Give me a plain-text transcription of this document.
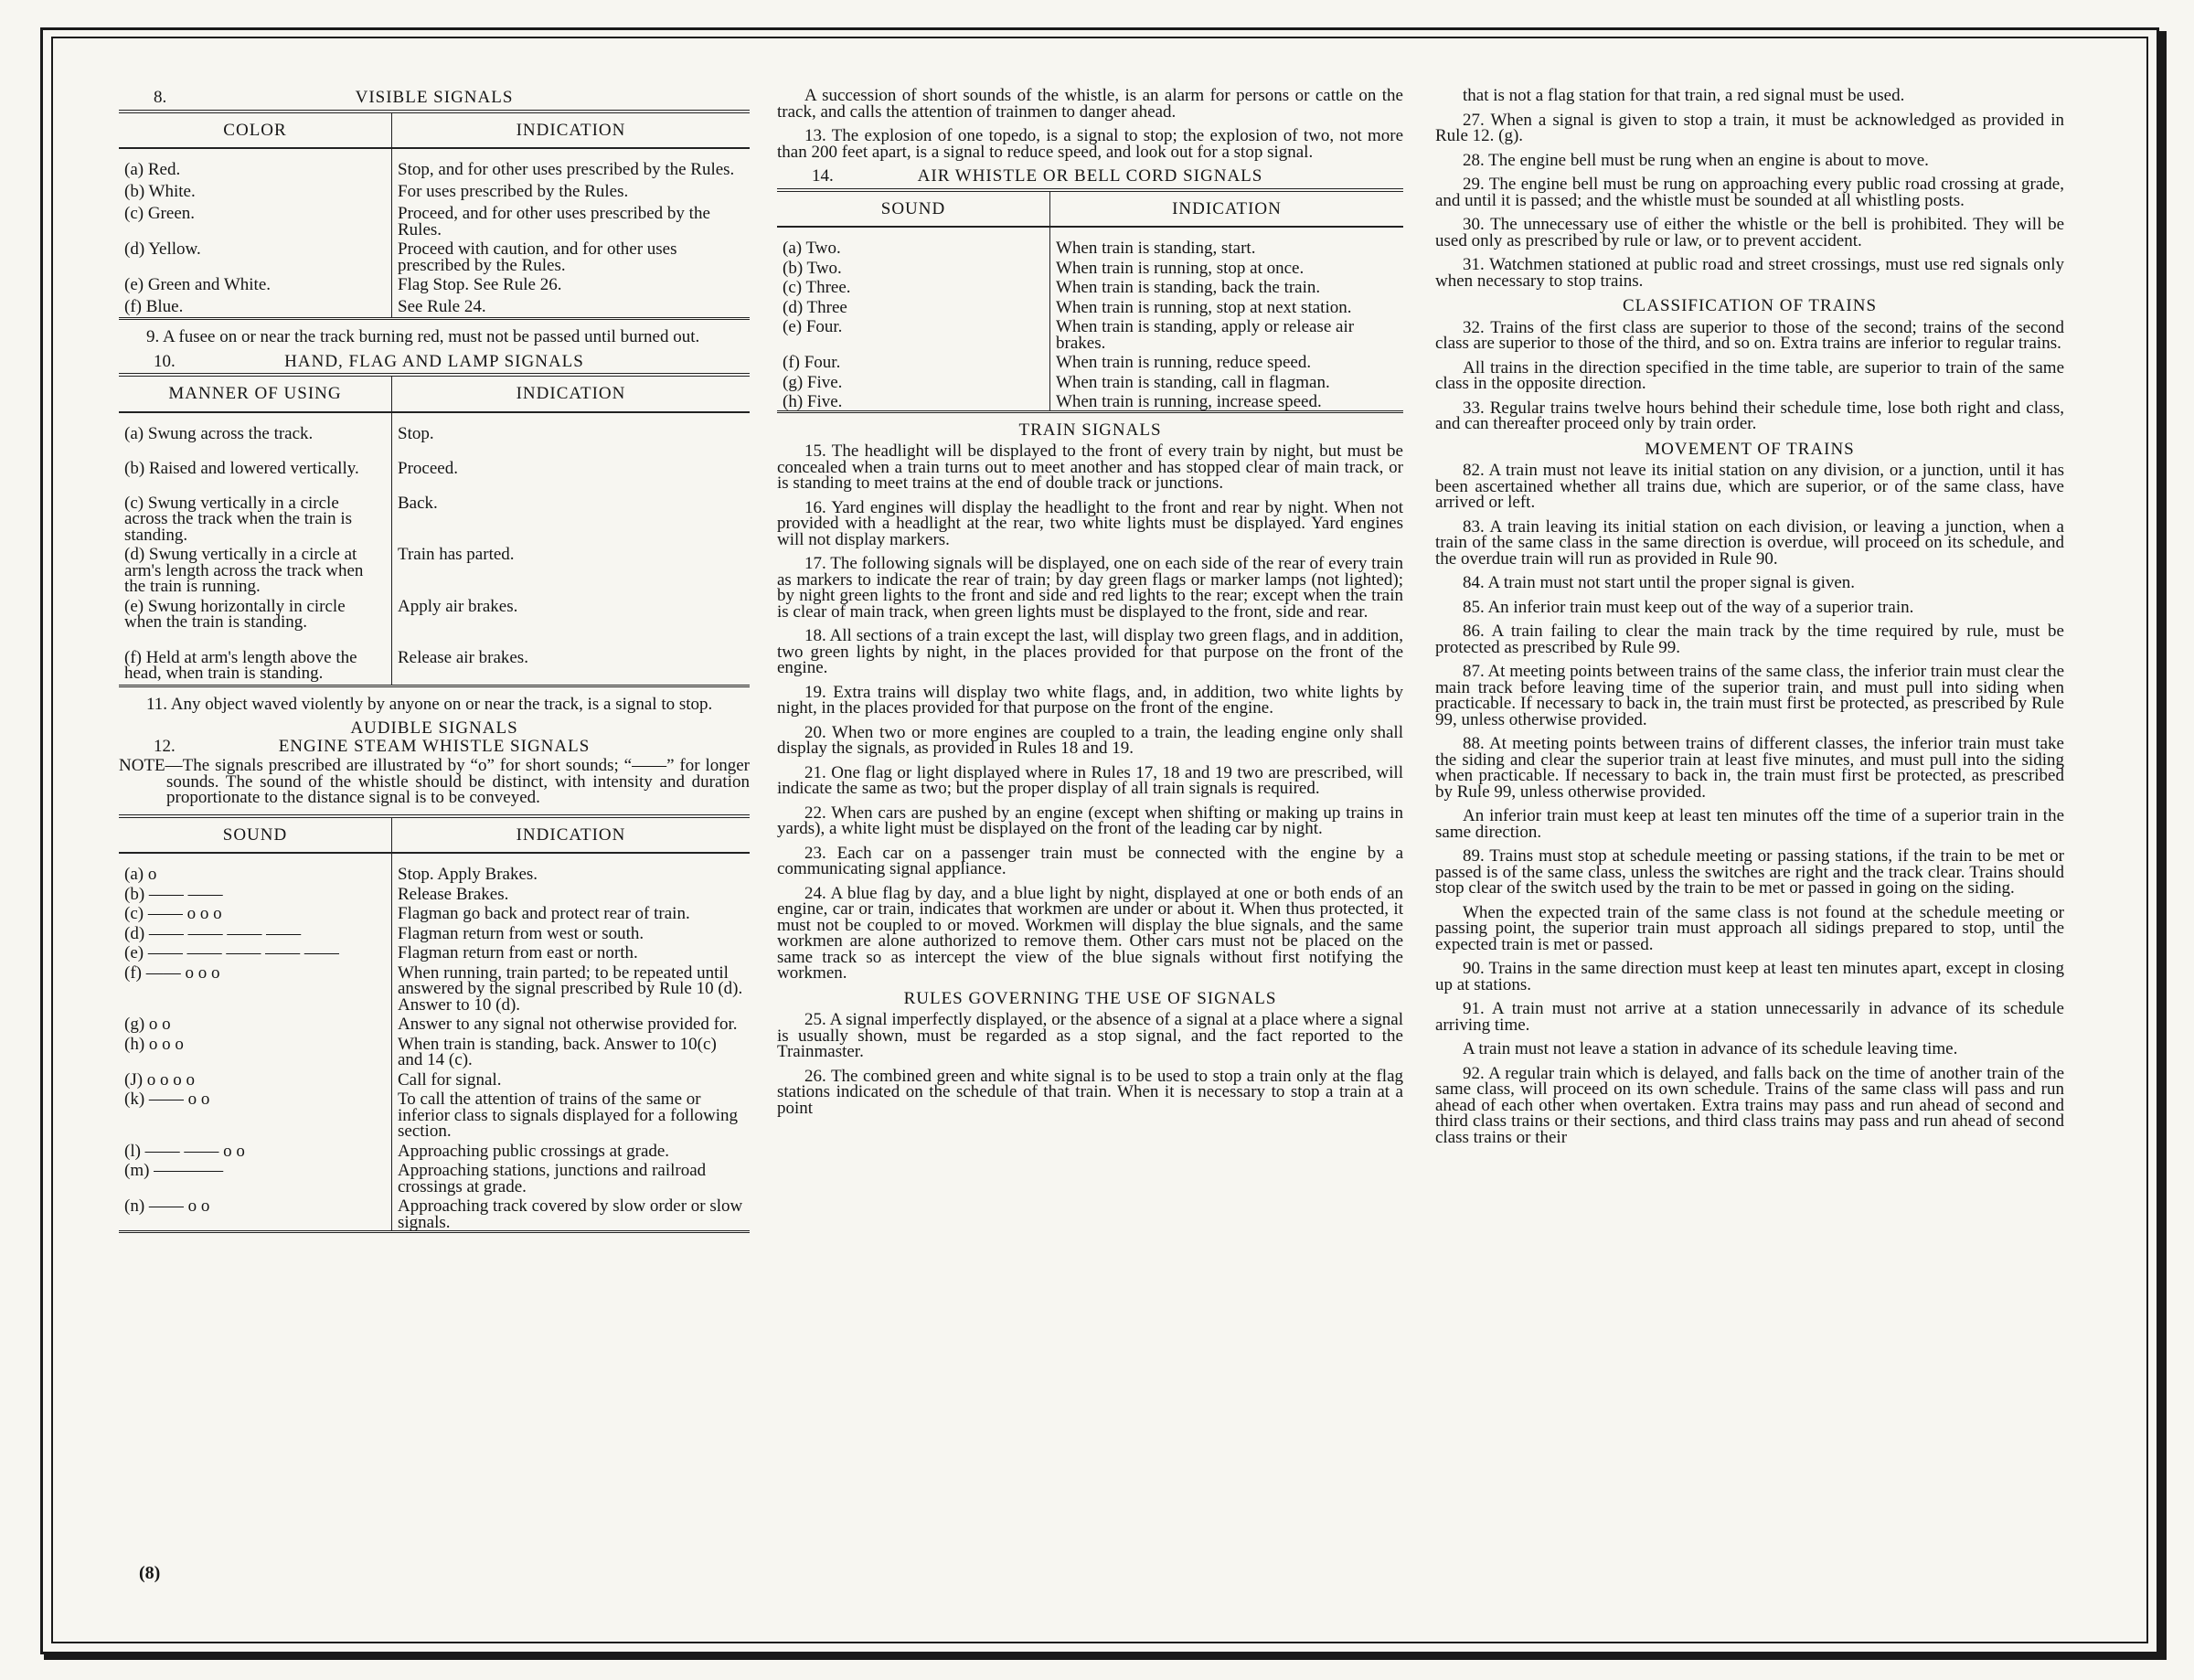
8.	VISIBLE SIGNALS
COLOR	INDICATION
(a) Red.	Stop, and for other uses prescribed by the Rules.
(b) White.	For uses prescribed by the Rules.
(c) Green.	Proceed, and for other uses prescribed by the Rules.
(d) Yellow.	Proceed with caution, and for other uses prescribed by the Rules.
(e) Green and White.	Flag Stop. See Rule 26.
(f) Blue.	See Rule 24.

9. A fusee on or near the track burning red, must not be passed until burned out.

10.	HAND, FLAG AND LAMP SIGNALS
MANNER OF USING	INDICATION
(a) Swung across the track.	Stop.
(b) Raised and lowered vertically.	Proceed.
(c) Swung vertically in a circle across the track when the train is standing.	Back.
(d) Swung vertically in a circle at arm's length across the track when the train is running.	Train has parted.
(e) Swung horizontally in circle when the train is standing.	Apply air brakes.
(f) Held at arm's length above the head, when train is standing.	Release air brakes.

11. Any object waved violently by anyone on or near the track, is a signal to stop.

AUDIBLE SIGNALS
12.	ENGINE STEAM WHISTLE SIGNALS

NOTE—The signals prescribed are illustrated by “o” for short sounds; “——” for longer sounds. The sound of the whistle should be distinct, with intensity and duration proportionate to the distance signal is to be conveyed.

SOUND	INDICATION
(a) o	Stop. Apply Brakes.
(b) —— ——	Release Brakes.
(c) —— o o o	Flagman go back and protect rear of train.
(d) —— —— —— ——	Flagman return from west or south.
(e) —— —— —— —— ——	Flagman return from east or north.
(f) —— o o o	When running, train parted; to be repeated until answered by the signal prescribed by Rule 10 (d). Answer to 10 (d).
(g) o o	Answer to any signal not otherwise provided for.
(h) o o o	When train is standing, back. Answer to 10(c) and 14 (c).
(J) o o o o	Call for signal.
(k) —— o o	To call the attention of trains of the same or inferior class to signals displayed for a following section.
(l) —— —— o o	Approaching public crossings at grade.
(m) ————	Approaching stations, junctions and railroad crossings at grade.
(n) —— o o	Approaching track covered by slow order or slow signals.

A succession of short sounds of the whistle, is an alarm for persons or cattle on the track, and calls the attention of trainmen to danger ahead.

13. The explosion of one topedo, is a signal to stop; the explosion of two, not more than 200 feet apart, is a signal to reduce speed, and look out for a stop signal.

14.	AIR WHISTLE OR BELL CORD SIGNALS
SOUND	INDICATION
(a) Two.	When train is standing, start.
(b) Two.	When train is running, stop at once.
(c) Three.	When train is standing, back the train.
(d) Three	When train is running, stop at next station.
(e) Four.	When train is standing, apply or release air brakes.
(f) Four.	When train is running, reduce speed.
(g) Five.	When train is standing, call in flagman.
(h) Five.	When train is running, increase speed.
TRAIN SIGNALS

15. The headlight will be displayed to the front of every train by night, but must be concealed when a train turns out to meet another and has stopped clear of main track, or is standing to meet trains at the end of double track or junctions.

16. Yard engines will display the headlight to the front and rear by night. When not provided with a headlight at the rear, two white lights must be displayed. Yard engines will not display markers.

17. The following signals will be displayed, one on each side of the rear of every train as markers to indicate the rear of train; by day green flags or marker lamps (not lighted); by night green lights to the front and side and red lights to the rear; except when the train is clear of main track, when green lights must be displayed to the front, side and rear.

18. All sections of a train except the last, will display two green flags, and in addition, two green lights by night, in the places provided for that purpose on the front of the engine.

19. Extra trains will display two white flags, and, in addition, two white lights by night, in the places provided for that purpose on the front of the engine.

20. When two or more engines are coupled to a train, the leading engine only shall display the signals, as provided in Rules 18 and 19.

21. One flag or light displayed where in Rules 17, 18 and 19 two are prescribed, will indicate the same as two; but the proper display of all train signals is required.

22. When cars are pushed by an engine (except when shifting or making up trains in yards), a white light must be displayed on the front of the leading car by night.

23. Each car on a passenger train must be connected with the engine by a communicating signal appliance.

24. A blue flag by day, and a blue light by night, displayed at one or both ends of an engine, car or train, indicates that workmen are under or about it. When thus protected, it must not be coupled to or moved. Workmen will display the blue signals, and the same workmen are alone authorized to remove them. Other cars must not be placed on the same track so as intercept the view of the blue signals without first notifying the workmen.

RULES GOVERNING THE USE OF SIGNALS

25. A signal imperfectly displayed, or the absence of a signal at a place where a signal is usually shown, must be regarded as a stop signal, and the fact reported to the Trainmaster.

26. The combined green and white signal is to be used to stop a train only at the flag stations indicated on the schedule of that train. When it is necessary to stop a train at a point

that is not a flag station for that train, a red signal must be used.

27. When a signal is given to stop a train, it must be acknowledged as provided in Rule 12. (g).

28. The engine bell must be rung when an engine is about to move.

29. The engine bell must be rung on approaching every public road crossing at grade, and until it is passed; and the whistle must be sounded at all whistling posts.

30. The unnecessary use of either the whistle or the bell is prohibited. They will be used only as prescribed by rule or law, or to prevent accident.

31. Watchmen stationed at public road and street crossings, must use red signals only when necessary to stop trains.

CLASSIFICATION OF TRAINS

32. Trains of the first class are superior to those of the second; trains of the second class are superior to those of the third, and so on. Extra trains are inferior to regular trains.

All trains in the direction specified in the time table, are superior to train of the same class in the opposite direction.

33. Regular trains twelve hours behind their schedule time, lose both right and class, and can thereafter proceed only by train order.

MOVEMENT OF TRAINS

82. A train must not leave its initial station on any division, or a junction, until it has been ascertained whether all trains due, which are superior, or of the same class, have arrived or left.

83. A train leaving its initial station on each division, or leaving a junction, when a train of the same class in the same direction is overdue, will proceed on its schedule, and the overdue train will run as provided in Rule 90.

84. A train must not start until the proper signal is given.

85. An inferior train must keep out of the way of a superior train.

86. A train failing to clear the main track by the time required by rule, must be protected as prescribed by Rule 99.

87. At meeting points between trains of the same class, the inferior train must clear the main track before leaving time of the superior train, and must pull into siding when practicable. If necessary to back in, the train must first be protected, as prescribed by Rule 99, unless otherwise provided.

88. At meeting points between trains of different classes, the inferior train must take the siding and clear the superior train at least five minutes, and must pull into the siding when practicable. If necessary to back in, the train must first be protected, as prescribed by Rule 99, unless otherwise provided.

An inferior train must keep at least ten minutes off the time of a superior train in the same direction.

89. Trains must stop at schedule meeting or passing stations, if the train to be met or passed is of the same class, unless the switches are right and the track clear. Trains should stop clear of the switch used by the train to be met or passed in going on the siding.

When the expected train of the same class is not found at the schedule meeting or passing point, the superior train must approach all sidings prepared to stop, until the expected train is met or passed.

90. Trains in the same direction must keep at least ten minutes apart, except in closing up at stations.

91. A train must not arrive at a station unnecessarily in advance of its schedule arriving time.

A train must not leave a station in advance of its schedule leaving time.

92. A regular train which is delayed, and falls back on the time of another train of the same class, will proceed on its own schedule. Trains of the same class will pass and run ahead of each other when overtaken. Extra trains may pass and run ahead of second and third class trains or their sections, and third class trains may pass and run ahead of second class trains or their

(8)
